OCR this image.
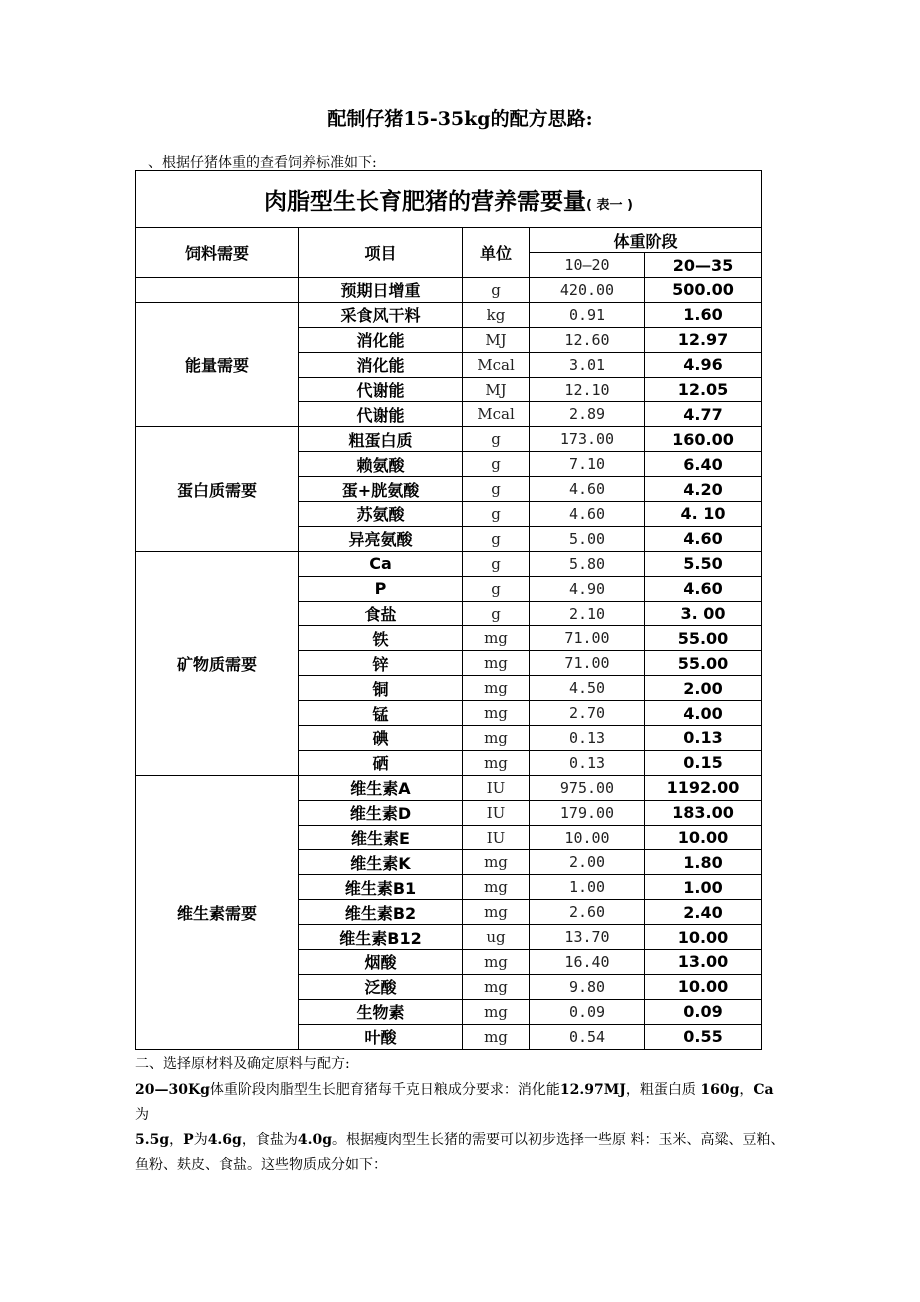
配制仔猪15-35kg的配方思路:
、根据仔猪体重的查看饲养标准如下:
肉脂型生长育肥猪的营养需要量( 表一 )				
饲料需要	项目	单位	体重阶段	
			10—20	20—35
	预期日增重	g	420.00	500.00
能量需要	采食风干料	kg	0.91	1.60
	消化能	MJ	12.60	12.97
	消化能	Mcal	3.01	4.96
	代谢能	MJ	12.10	12.05
	代谢能	Mcal	2.89	4.77
蛋白质需要	粗蛋白质	g	173.00	160.00
	赖氨酸	g	7.10	6.40
	蛋+胱氨酸	g	4.60	4.20
	苏氨酸	g	4.60	4. 10
	异亮氨酸	g	5.00	4.60
矿物质需要	Ca	g	5.80	5.50
	P	g	4.90	4.60
	食盐	g	2.10	3. 00
	铁	mg	71.00	55.00
	锌	mg	71.00	55.00
	铜	mg	4.50	2.00
	锰	mg	2.70	4.00
	碘	mg	0.13	0.13
	硒	mg	0.13	0.15
维生素需要	维生素A	IU	975.00	1192.00
	维生素D	IU	179.00	183.00
	维生素E	IU	10.00	10.00
	维生素K	mg	2.00	1.80
	维生素B1	mg	1.00	1.00
	维生素B2	mg	2.60	2.40
	维生素B12	ug	13.70	10.00
	烟酸	mg	16.40	13.00
	泛酸	mg	9.80	10.00
	生物素	mg	0.09	0.09
	叶酸	mg	0.54	0.55
二、选择原材料及确定原料与配方:
20—30Kg体重阶段肉脂型生长肥育猪每千克日粮成分要求：消化能12.97MJ，粗蛋白质 160g，Ca为
5.5g，P为4.6g，食盐为4.0g。根据瘦肉型生长猪的需要可以初步选择一些原 料：玉米、高粱、豆粕、鱼粉、麸皮、食盐。这些物质成分如下：
